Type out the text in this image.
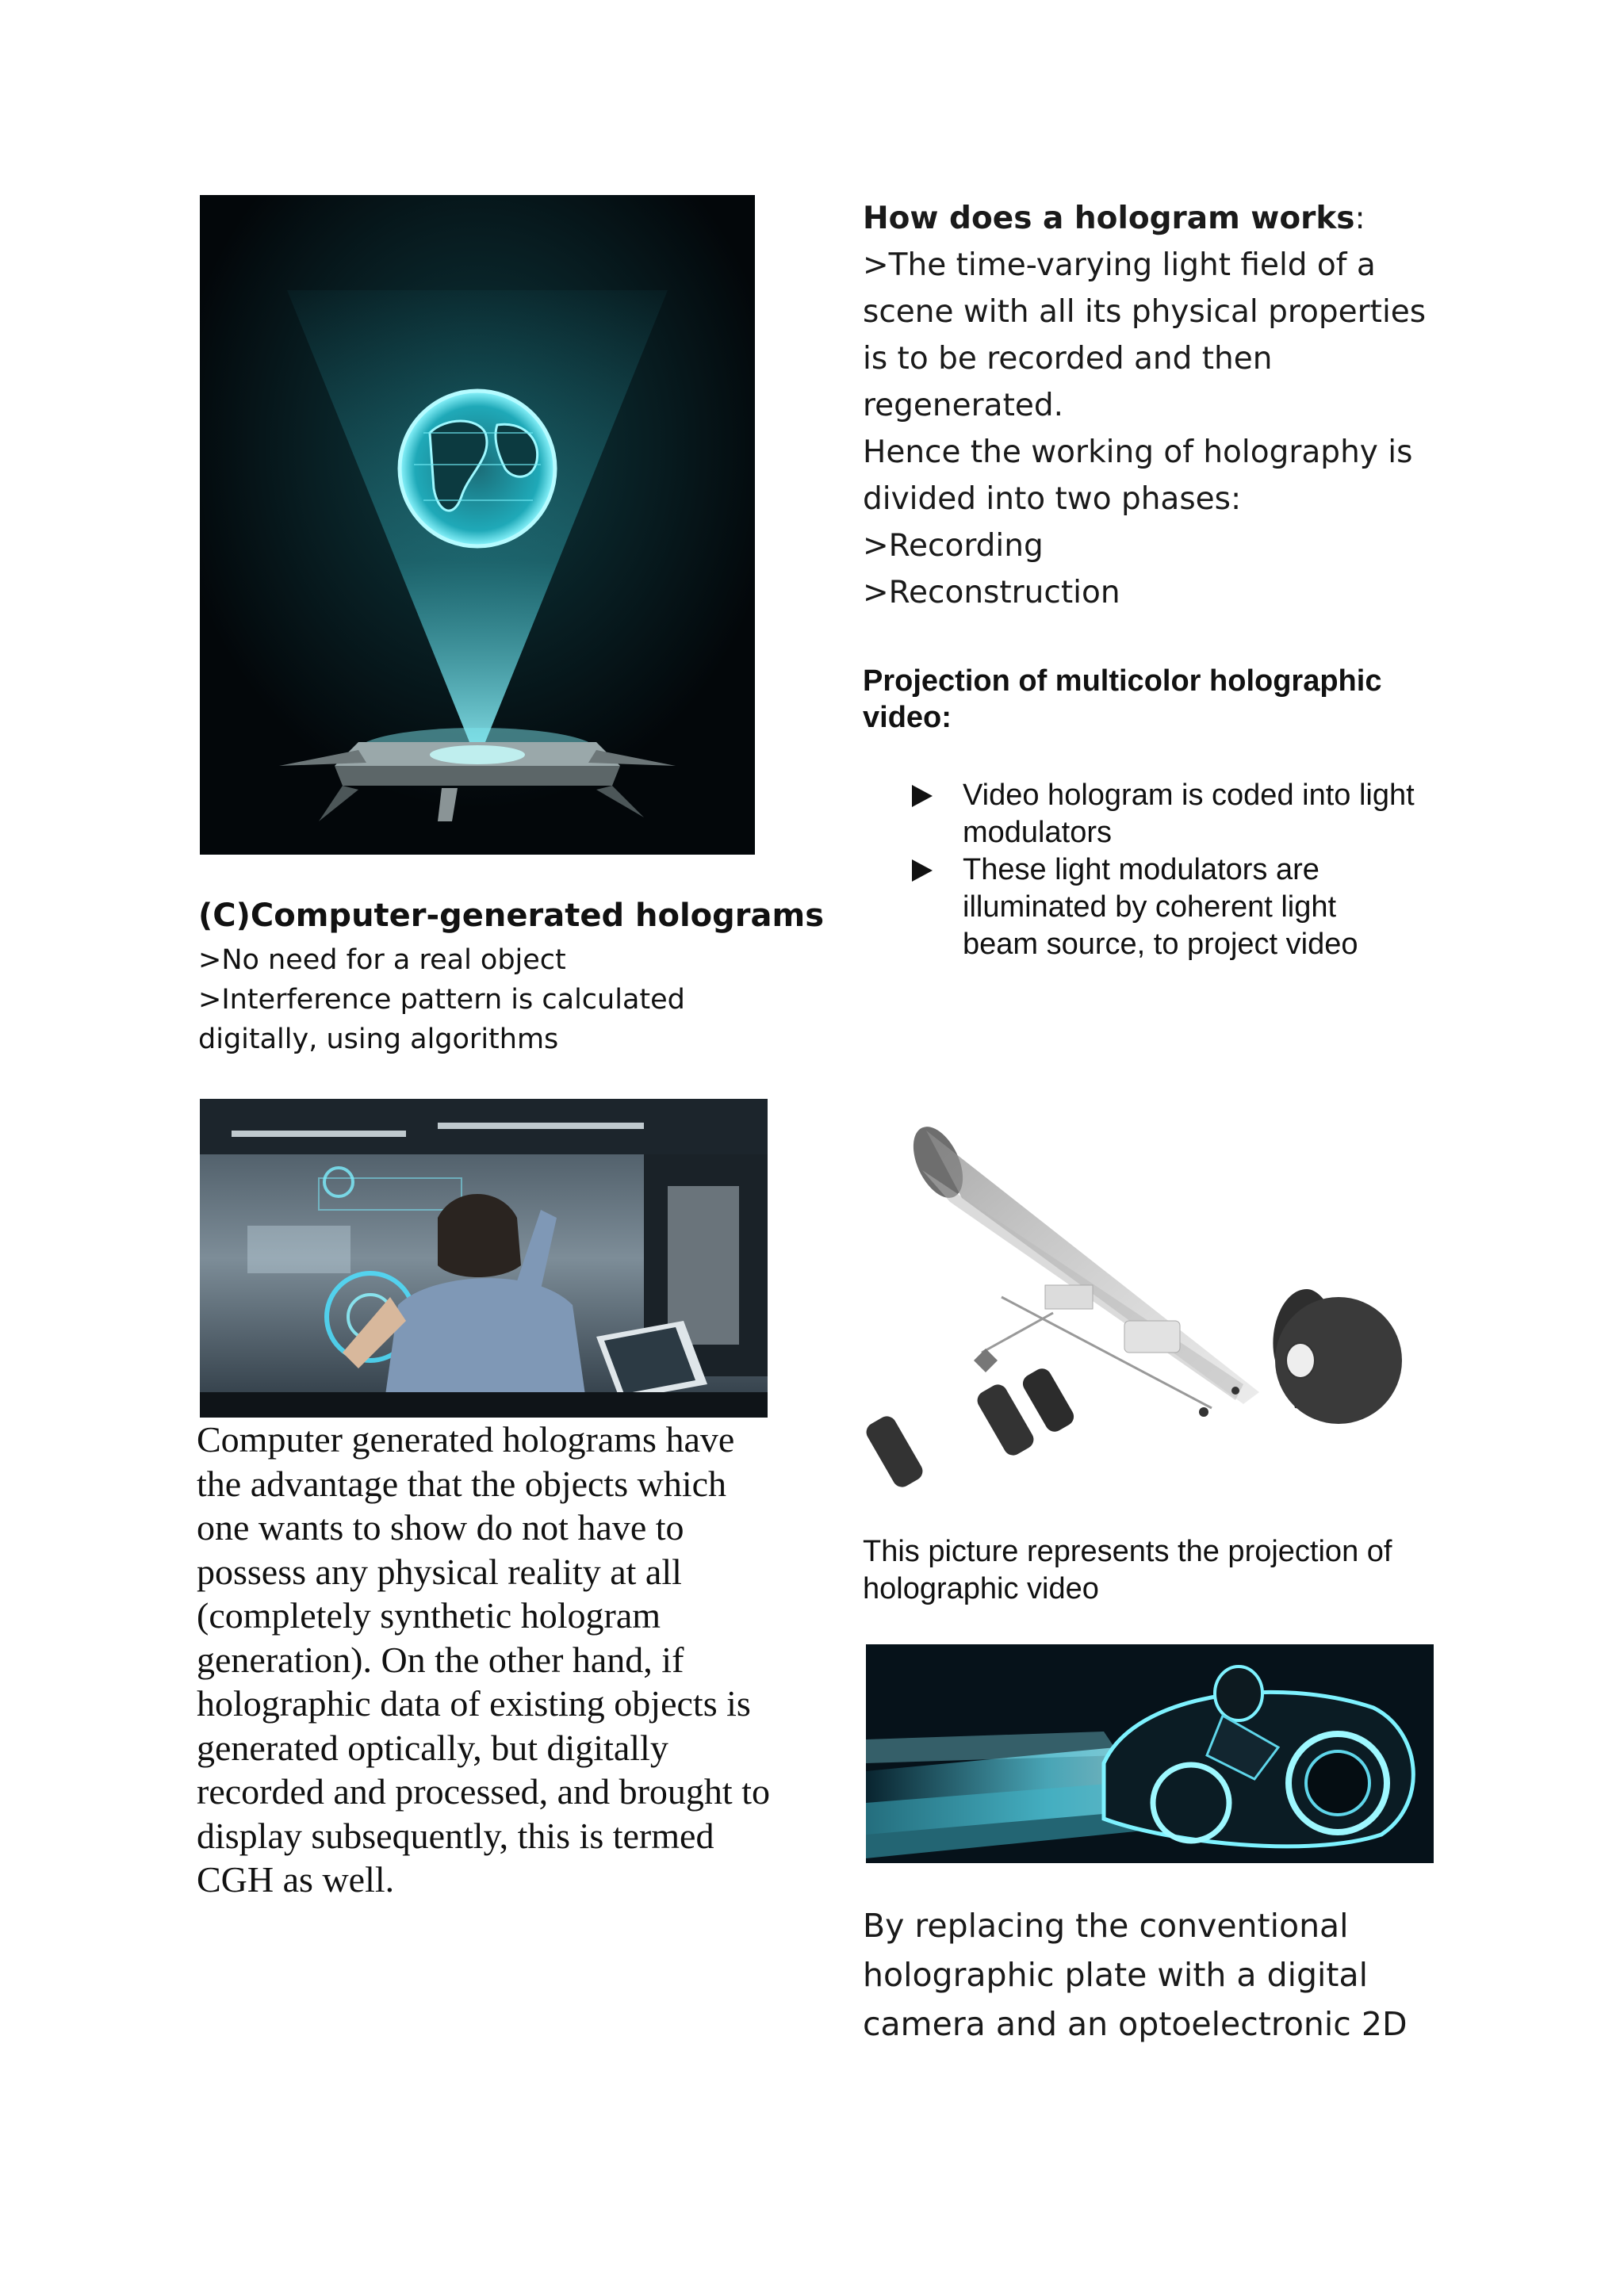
How does a hologram works:

>The time-varying light field of a scene with all its physical properties is to be recorded and then regenerated.

Hence the working of holography is divided into two phases:

>Recording

>Reconstruction

Projection of multicolor holographic video:
Video hologram is coded into light modulators
These light modulators are illuminated by coherent light beam source, to project video
(C)Computer-generated holograms

>No need for a real object

>Interference pattern is calculated digitally, using algorithms

Computer generated holograms have the advantage that the objects which one wants to show do not have to possess any physical reality at all (completely synthetic hologram generation). On the other hand, if holographic data of existing objects is generated optically, but digitally recorded and processed, and brought to display subsequently, this is termed CGH as well.
This picture represents the projection of holographic video
By replacing the conventional holographic plate with a digital camera and an optoelectronic 2D
